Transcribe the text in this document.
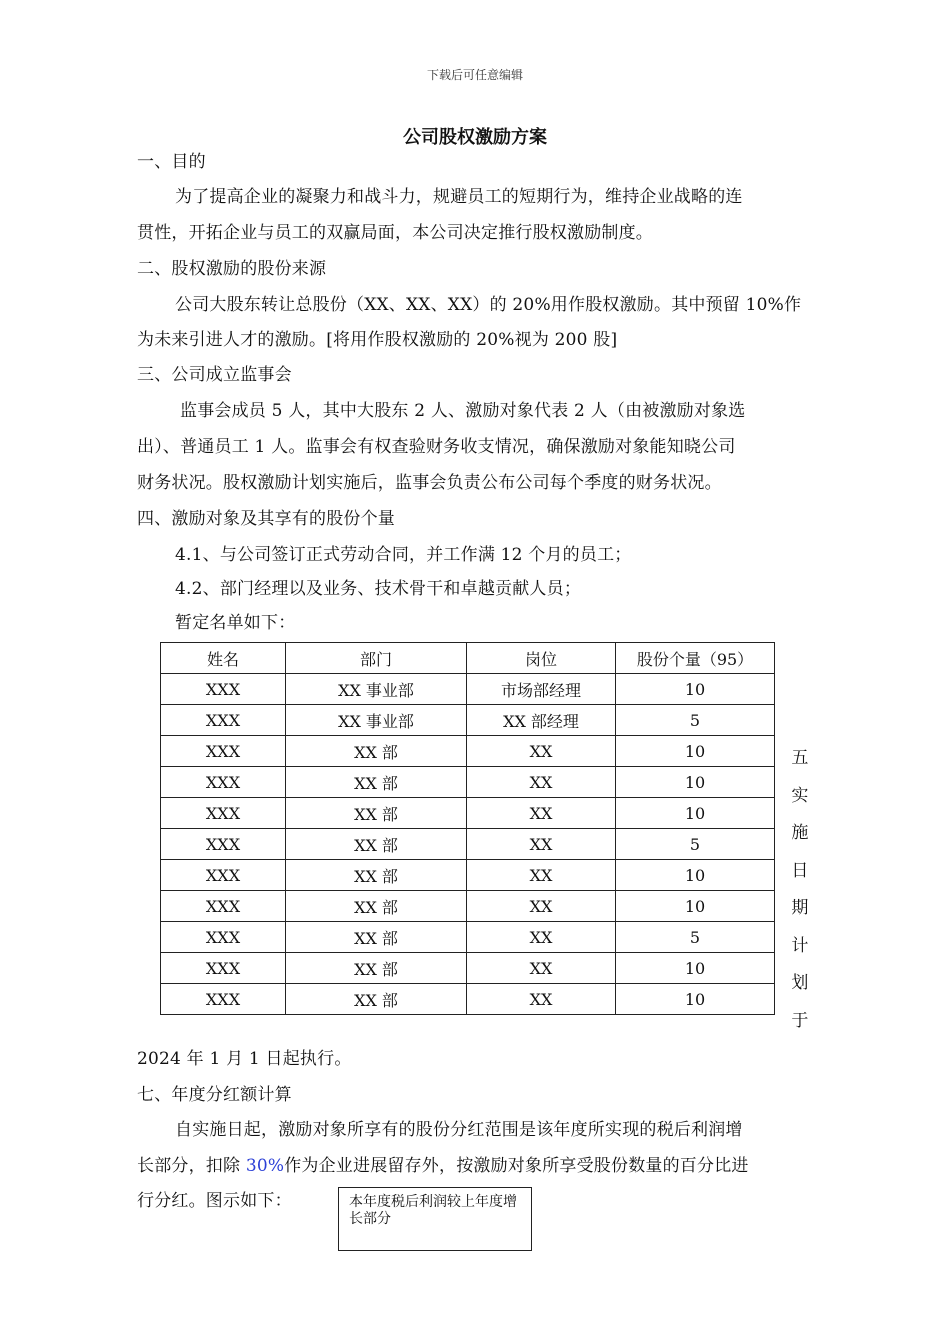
下载后可任意编辑
公司股权激励方案
一、目的
为了提高企业的凝聚力和战斗力，规避员工的短期行为，维持企业战略的连
贯性，开拓企业与员工的双赢局面，本公司决定推行股权激励制度。
二、股权激励的股份来源
公司大股东转让总股份（XX、XX、XX）的 20%用作股权激励。其中预留 10%作
为未来引进人才的激励。[将用作股权激励的 20%视为 200 股]
三、公司成立监事会
监事会成员 5 人，其中大股东 2 人、激励对象代表 2 人（由被激励对象选
出）、普通员工 1 人。监事会有权查验财务收支情况，确保激励对象能知晓公司
财务状况。股权激励计划实施后，监事会负责公布公司每个季度的财务状况。
四、激励对象及其享有的股份个量
4.1、与公司签订正式劳动合同，并工作满 12 个月的员工；
4.2、部门经理以及业务、技术骨干和卓越贡献人员；
暂定名单如下：
姓名	部门	岗位	股份个量（95）
XXX	XX 事业部	市场部经理	10
XXX	XX 事业部	XX 部经理	5
XXX	XX 部	XX	10
XXX	XX 部	XX	10
XXX	XX 部	XX	10
XXX	XX 部	XX	5
XXX	XX 部	XX	10
XXX	XX 部	XX	10
XXX	XX 部	XX	5
XXX	XX 部	XX	10
XXX	XX 部	XX	10
五实施日期计划于
2024 年 1 月 1 日起执行。
七、年度分红额计算
自实施日起，激励对象所享有的股份分红范围是该年度所实现的税后利润增
长部分，扣除 30%作为企业进展留存外，按激励对象所享受股份数量的百分比进
行分红。图示如下：	本年度税后利润较上年度增长部分
